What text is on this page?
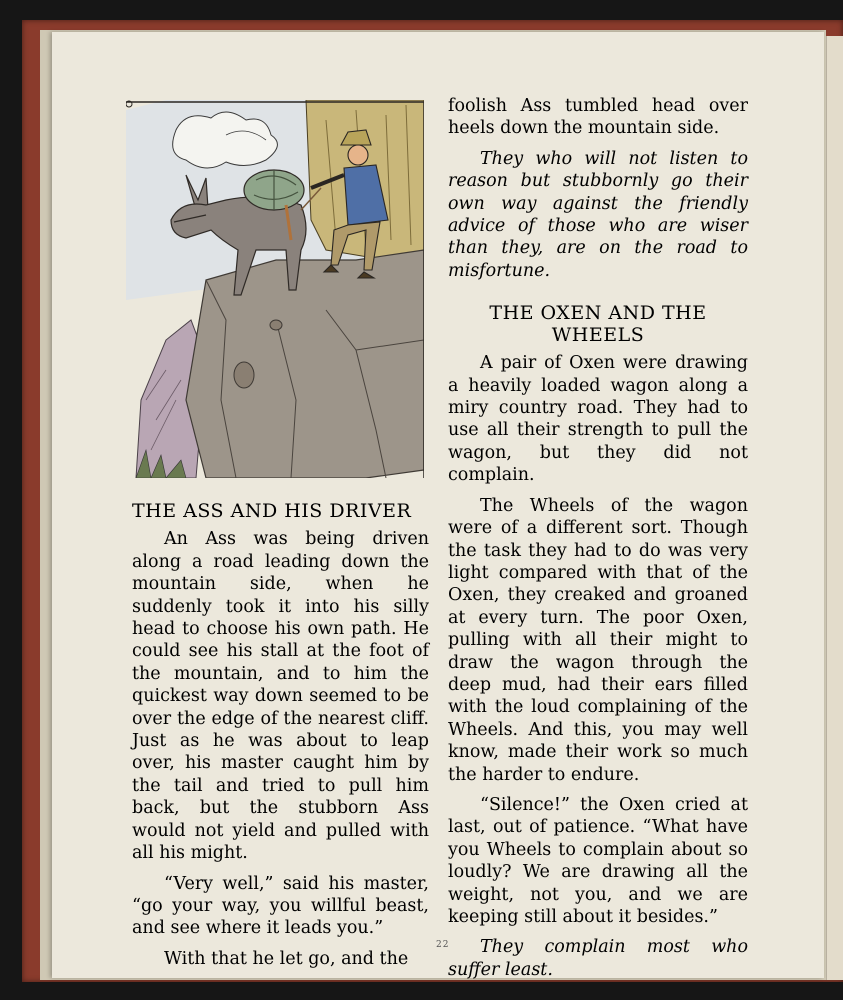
THE ASS AND HIS DRIVER

An Ass was being driven along a road leading down the mountain side, when he suddenly took it into his silly head to choose his own path. He could see his stall at the foot of the mountain, and to him the quickest way down seemed to be over the edge of the nearest cliff. Just as he was about to leap over, his master caught him by the tail and tried to pull him back, but the stubborn Ass would not yield and pulled with all his might.

“Very well,” said his master, “go your way, you willful beast, and see where it leads you.”

With that he let go, and the

foolish Ass tumbled head over heels down the mountain side.

They who will not listen to reason but stubbornly go their own way against the friendly advice of those who are wiser than they, are on the road to misfortune.

THE OXEN AND THE WHEELS

A pair of Oxen were drawing a heavily loaded wagon along a miry country road. They had to use all their strength to pull the wagon, but they did not complain.

The Wheels of the wagon were of a different sort. Though the task they had to do was very light compared with that of the Oxen, they creaked and groaned at every turn. The poor Oxen, pulling with all their might to draw the wagon through the deep mud, had their ears filled with the loud complaining of the Wheels. And this, you may well know, made their work so much the harder to endure.

“Silence!” the Oxen cried at last, out of patience. “What have you Wheels to complain about so loudly? We are drawing all the weight, not you, and we are keeping still about it besides.”

They complain most who suffer least.

22
